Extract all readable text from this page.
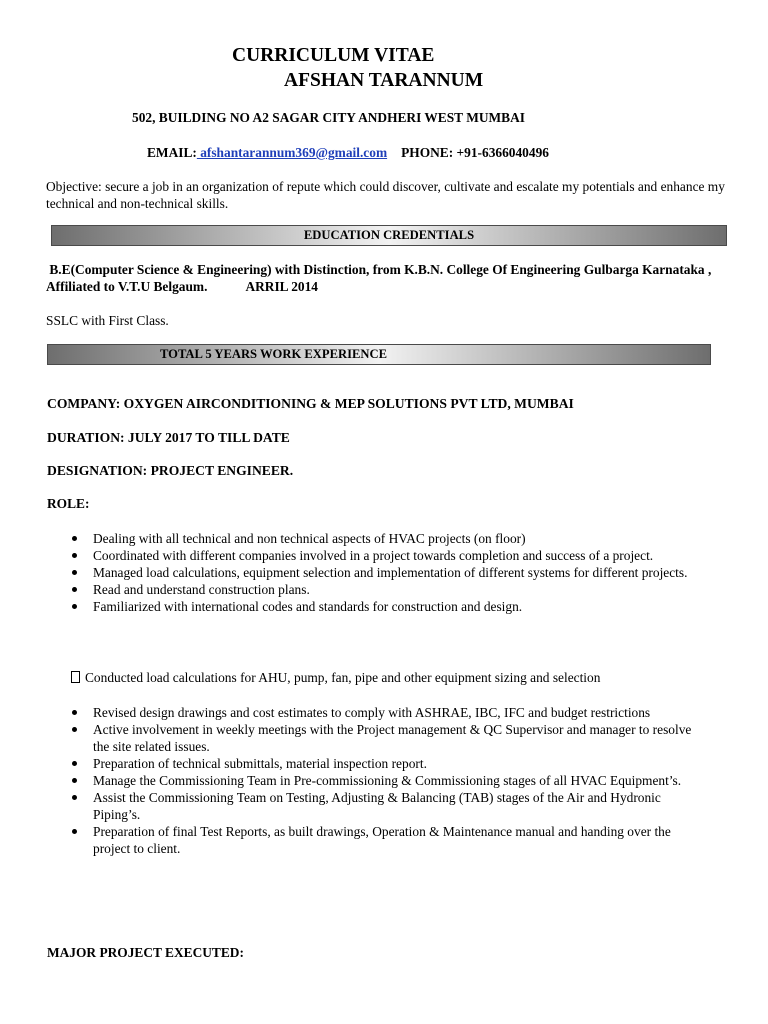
CURRICULUM VITAE
AFSHAN TARANNUM
502, BUILDING NO A2 SAGAR CITY ANDHERI WEST MUMBAI
EMAIL: afshantarannum369@gmail.com PHONE: +91-6366040496
Objective: secure a job in an organization of repute which could discover, cultivate and escalate my potentials and enhance my technical and non-technical skills.
EDUCATION CREDENTIALS
B.E(Computer Science & Engineering) with Distinction, from K.B.N. College Of Engineering Gulbarga Karnataka , Affiliated to V.T.U Belgaum.	ARRIL 2014
SSLC with First Class.
TOTAL 5 YEARS WORK EXPERIENCE
COMPANY: OXYGEN AIRCONDITIONING & MEP SOLUTIONS PVT LTD, MUMBAI
DURATION: JULY 2017 TO TILL DATE
DESIGNATION: PROJECT ENGINEER.
ROLE:
Dealing with all technical and non technical aspects of HVAC projects (on floor)
Coordinated with different companies involved in a project towards completion and success of a project.
Managed load calculations, equipment selection and implementation of different systems for different projects.
Read and understand construction plans.
Familiarized with international codes and standards for construction and design.
Conducted load calculations for AHU, pump, fan, pipe and other equipment sizing and selection
Revised design drawings and cost estimates to comply with ASHRAE, IBC, IFC and budget restrictions
Active involvement in weekly meetings with the Project management & QC Supervisor and manager to resolve the site related issues.
Preparation of technical submittals, material inspection report.
Manage the Commissioning Team in Pre-commissioning & Commissioning stages of all HVAC Equipment’s.
Assist the Commissioning Team on Testing, Adjusting & Balancing (TAB) stages of the Air and Hydronic Piping’s.
Preparation of final Test Reports, as built drawings, Operation & Maintenance manual and handing over the project to client.
MAJOR PROJECT EXECUTED:
